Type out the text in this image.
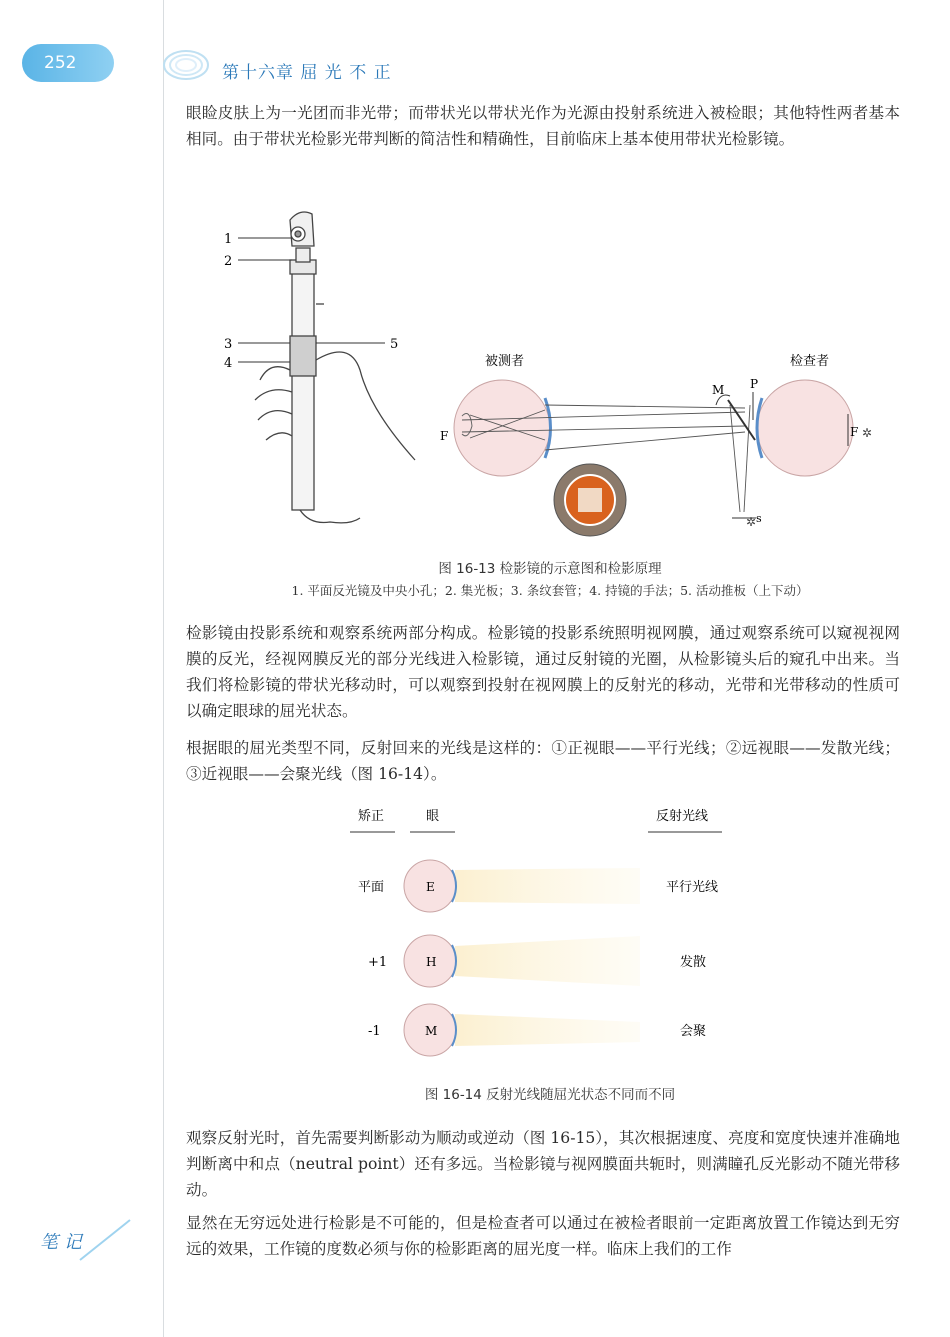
252	第十六章 屈 光 不 正

眼睑皮肤上为一光团而非光带；而带状光以带状光作为光源由投射系统进入被检眼；其他特性两者基本相同。由于带状光检影光带判断的简洁性和精确性，目前临床上基本使用带状光检影镜。

1
2
3
4
5
被测者
F
M P
✲ s
检查者
F ✲
图 16-13 检影镜的示意图和检影原理
1. 平面反光镜及中央小孔；2. 集光板；3. 条纹套管；4. 持镜的手法；5. 活动推板（上下动）

检影镜由投影系统和观察系统两部分构成。检影镜的投影系统照明视网膜，通过观察系统可以窥视视网膜的反光，经视网膜反光的部分光线进入检影镜，通过反射镜的光圈，从检影镜头后的窥孔中出来。当我们将检影镜的带状光移动时，可以观察到投射在视网膜上的反射光的移动，光带和光带移动的性质可以确定眼球的屈光状态。

根据眼的屈光类型不同，反射回来的光线是这样的：①正视眼——平行光线；②远视眼——发散光线；③近视眼——会聚光线（图 16-14）。

矫正	眼	反射光线
平面	E	平行光线
+1	H	发散
-1	M	会聚
图 16-14 反射光线随屈光状态不同而不同

观察反射光时，首先需要判断影动为顺动或逆动（图 16-15），其次根据速度、亮度和宽度快速并准确地判断离中和点（neutral point）还有多远。当检影镜与视网膜面共轭时，则满瞳孔反光影动不随光带移动。

显然在无穷远处进行检影是不可能的，但是检查者可以通过在被检者眼前一定距离放置工作镜达到无穷远的效果，工作镜的度数必须与你的检影距离的屈光度一样。临床上我们的工作

笔 记
